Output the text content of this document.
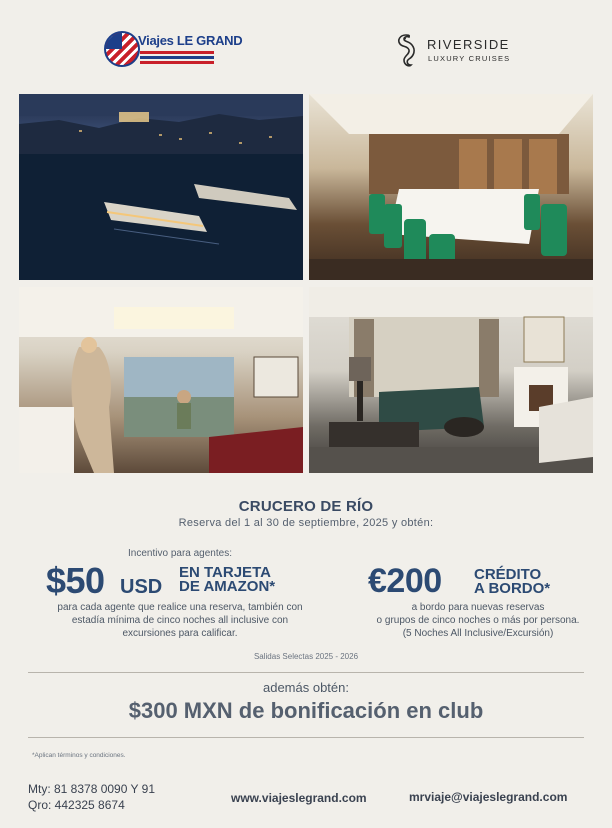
Viajes LE GRAND	RIVERSIDE
LUXURY CRUISES
CRUCERO DE RÍO
Reserva del 1 al 30 de septiembre, 2025 y obtén:
Incentivo para agentes:
$50 USD
EN TARJETA
DE AMAZON*
para cada agente que realice una reserva, también con
estadía mínima de cinco noches all inclusive con
excursiones para calificar.
€200 CRÉDITO
A BORDO*
a bordo para nuevas reservas
o grupos de cinco noches o más por persona.
(5 Noches All Inclusive/Excursión)
Salidas Selectas 2025 - 2026
además obtén:
$300 MXN de bonificación en club
*Aplican términos y condiciones.
Mty: 81 8378 0090 Y 91
Qro: 442325 8674	www.viajeslegrand.com	mrviaje@viajeslegrand.com
